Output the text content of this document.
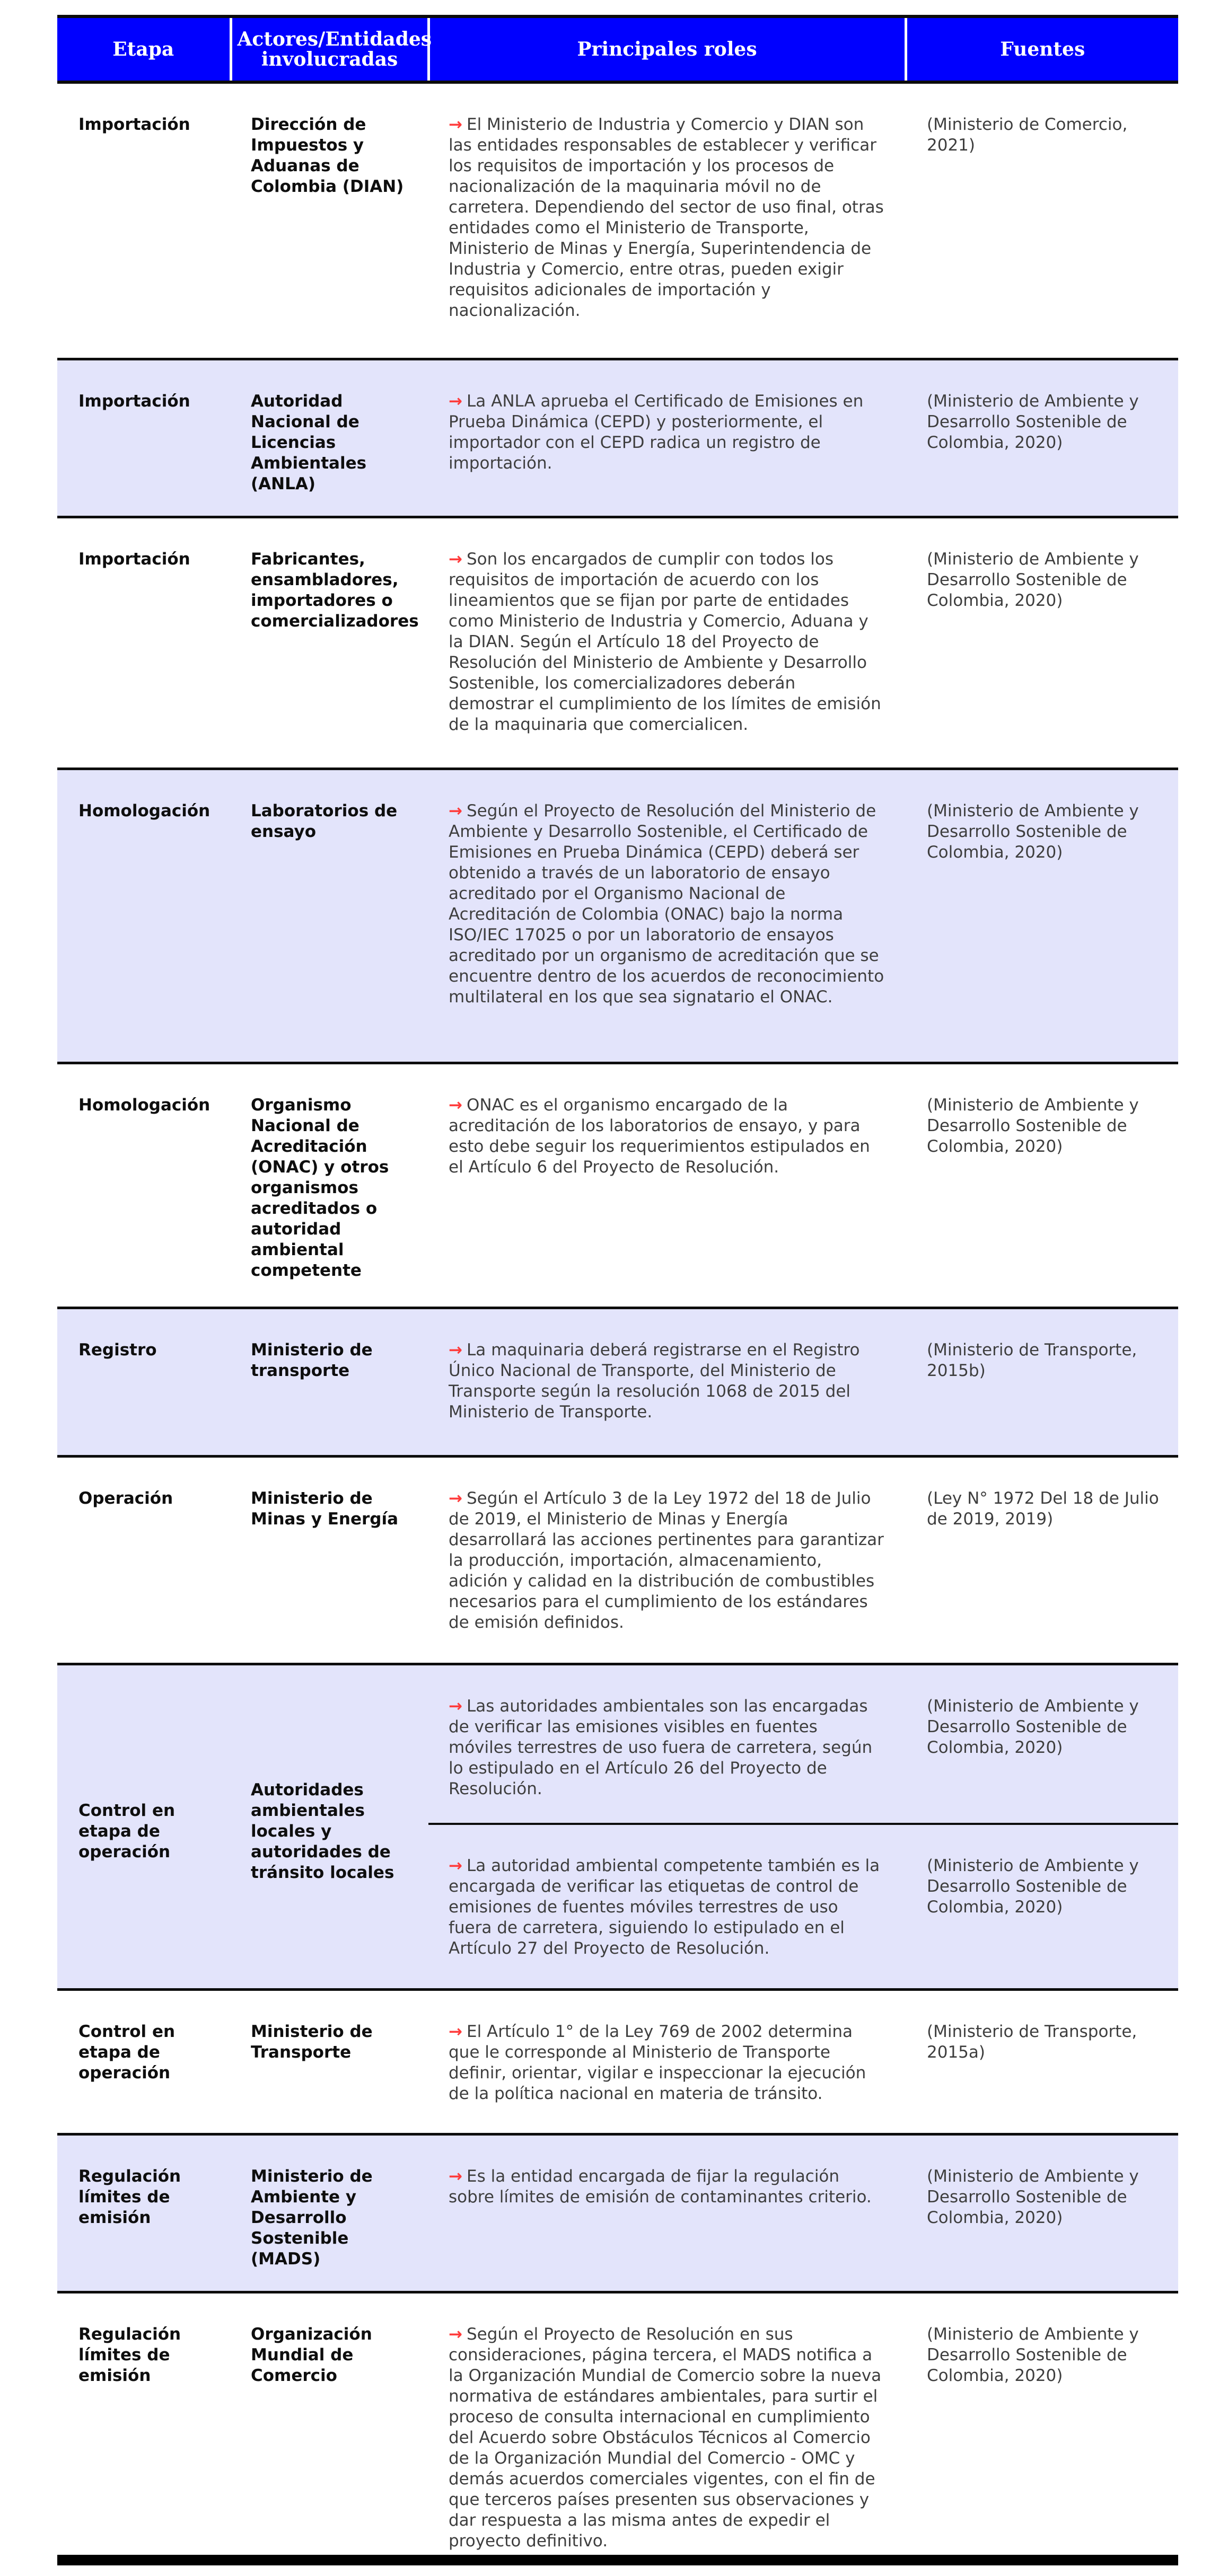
Etapa	Actores/Entidades involucradas	Principales roles	Fuentes
Importación	Dirección de Impuestos y Aduanas de Colombia (DIAN)	→ El Ministerio de Industria y Comercio y DIAN son las entidades responsables de establecer y verificar los requisitos de importación y los procesos de nacionalización de la maquinaria móvil no de carretera. Dependiendo del sector de uso final, otras entidades como el Ministerio de Transporte, Ministerio de Minas y Energía, Superintendencia de Industria y Comercio, entre otras, pueden exigir requisitos adicionales de importación y nacionalización.	(Ministerio de Comercio, 2021)
Importación	Autoridad Nacional de Licencias Ambientales (ANLA)	→ La ANLA aprueba el Certificado de Emisiones en Prueba Dinámica (CEPD) y posteriormente, el importador con el CEPD radica un registro de importación.	(Ministerio de Ambiente y Desarrollo Sostenible de Colombia, 2020)
Importación	Fabricantes, ensambladores, importadores o comercializadores	→ Son los encargados de cumplir con todos los requisitos de importación de acuerdo con los lineamientos que se fijan por parte de entidades como Ministerio de Industria y Comercio, Aduana y la DIAN. Según el Artículo 18 del Proyecto de Resolución del Ministerio de Ambiente y Desarrollo Sostenible, los comercializadores deberán demostrar el cumplimiento de los límites de emisión de la maquinaria que comercialicen.	(Ministerio de Ambiente y Desarrollo Sostenible de Colombia, 2020)
Homologación	Laboratorios de ensayo	→ Según el Proyecto de Resolución del Ministerio de Ambiente y Desarrollo Sostenible, el Certificado de Emisiones en Prueba Dinámica (CEPD) deberá ser obtenido a través de un laboratorio de ensayo acreditado por el Organismo Nacional de Acreditación de Colombia (ONAC) bajo la norma ISO/IEC 17025 o por un laboratorio de ensayos acreditado por un organismo de acreditación que se encuentre dentro de los acuerdos de reconocimiento multilateral en los que sea signatario el ONAC.	(Ministerio de Ambiente y Desarrollo Sostenible de Colombia, 2020)
Homologación	Organismo Nacional de Acreditación (ONAC) y otros organismos acreditados o autoridad ambiental competente	→ ONAC es el organismo encargado de la acreditación de los laboratorios de ensayo, y para esto debe seguir los requerimientos estipulados en el Artículo 6 del Proyecto de Resolución.	(Ministerio de Ambiente y Desarrollo Sostenible de Colombia, 2020)
Registro	Ministerio de transporte	→ La maquinaria deberá registrarse en el Registro Único Nacional de Transporte, del Ministerio de Transporte según la resolución 1068 de 2015 del Ministerio de Transporte.	(Ministerio de Transporte, 2015b)
Operación	Ministerio de Minas y Energía	→ Según el Artículo 3 de la Ley 1972 del 18 de Julio de 2019, el Ministerio de Minas y Energía desarrollará las acciones pertinentes para garantizar la producción, importación, almacenamiento, adición y calidad en la distribución de combustibles necesarios para el cumplimiento de los estándares de emisión definidos.	(Ley N° 1972 Del 18 de Julio de 2019, 2019)
Control en etapa de operación	Autoridades ambientales locales y autoridades de tránsito locales	→ Las autoridades ambientales son las encargadas de verificar las emisiones visibles en fuentes móviles terrestres de uso fuera de carretera, según lo estipulado en el Artículo 26 del Proyecto de Resolución.	(Ministerio de Ambiente y Desarrollo Sostenible de Colombia, 2020)
		→ La autoridad ambiental competente también es la encargada de verificar las etiquetas de control de emisiones de fuentes móviles terrestres de uso fuera de carretera, siguiendo lo estipulado en el Artículo 27 del Proyecto de Resolución.	(Ministerio de Ambiente y Desarrollo Sostenible de Colombia, 2020)
Control en etapa de operación	Ministerio de Transporte	→ El Artículo 1° de la Ley 769 de 2002 determina que le corresponde al Ministerio de Transporte definir, orientar, vigilar e inspeccionar la ejecución de la política nacional en materia de tránsito.	(Ministerio de Transporte, 2015a)
Regulación límites de emisión	Ministerio de Ambiente y Desarrollo Sostenible (MADS)	→ Es la entidad encargada de fijar la regulación sobre límites de emisión de contaminantes criterio.	(Ministerio de Ambiente y Desarrollo Sostenible de Colombia, 2020)
Regulación límites de emisión	Organización Mundial de Comercio	→ Según el Proyecto de Resolución en sus consideraciones, página tercera, el MADS notifica a la Organización Mundial de Comercio sobre la nueva normativa de estándares ambientales, para surtir el proceso de consulta internacional en cumplimiento del Acuerdo sobre Obstáculos Técnicos al Comercio de la Organización Mundial del Comercio - OMC y demás acuerdos comerciales vigentes, con el fin de que terceros países presenten sus observaciones y dar respuesta a las misma antes de expedir el proyecto definitivo.	(Ministerio de Ambiente y Desarrollo Sostenible de Colombia, 2020)
